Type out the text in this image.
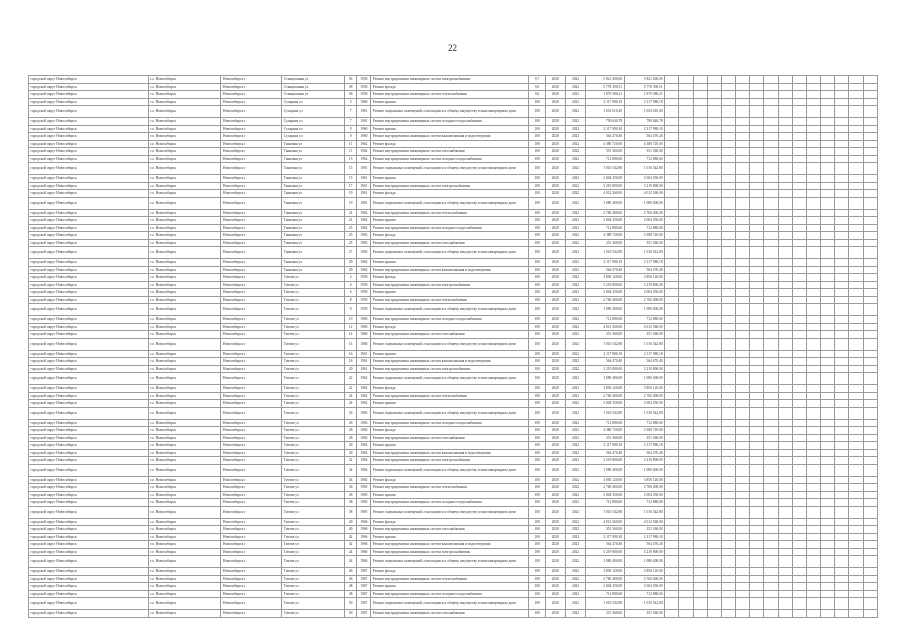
22
городской округ Новосибирск	г.о. Новосибирск	Новосибирск г	Станционная ул	56	1958	Ремонт внутридомовых инженерных систем электроснабжения	9,7	2020	2022	5 821 400,00	5 821 400,00															
городской округ Новосибирск	г.о. Новосибирск	Новосибирск г	Станционная ул	58	1958	Ремонт фасада	9,6	2020	2022	5 778 390,51	5 778 390,51															
городской округ Новосибирск	г.о. Новосибирск	Новосибирск г	Станционная ул	58	1958	Ремонт внутридомовых инженерных систем теплоснабжения	9,6	2020	2022	1 870 380,21	1 870 380,21															
городской округ Новосибирск	г.о. Новосибирск	Новосибирск г	Сухарная ул	5	1960	Ремонт крыши	100	2020	2022	2 117 980,18	2 117 980,18															
городской округ Новосибирск	г.о. Новосибирск	Новосибирск г	Сухарная ул	7	1961	Ремонт подвальных помещений, относящихся к общему имуществу в многоквартирном доме	100	2020	2022	1 052 610,40	1 052 610,40															
городской округ Новосибирск	г.о. Новосибирск	Новосибирск г	Сухарная ул	7	1961	Ремонт внутридомовых инженерных систем холодного водоснабжения	100	2020	2022	790 640,78	790 640,78															
городской округ Новосибирск	г.о. Новосибирск	Новосибирск г	Сухарная ул	9	1960	Ремонт крыши	100	2020	2022	2 117 980,18	2 117 980,18															
городской округ Новосибирск	г.о. Новосибирск	Новосибирск г	Сухарная ул	9	1960	Ремонт внутридомовых инженерных систем канализования и водоотведения	100	2020	2022	564 470,40	564 470,40															
городской округ Новосибирск	г.о. Новосибирск	Новосибирск г	Танковая ул	11	1962	Ремонт фасада	100	2020	2022	4 380 720,00	4 380 720,00															
городской округ Новосибирск	г.о. Новосибирск	Новосибирск г	Танковая ул	11	1962	Ремонт внутридомовых инженерных систем газоснабжения	100	2020	2022	351 360,00	351 360,00															
городской округ Новосибирск	г.о. Новосибирск	Новосибирск г	Танковая ул	13	1962	Ремонт внутридомовых инженерных систем холодного водоснабжения	100	2020	2022	712 880,60	712 880,60															
городской округ Новосибирск	г.о. Новосибирск	Новосибирск г	Танковая ул	15	1961	Ремонт подвальных помещений, относящихся к общему имуществу в многоквартирном доме	100	2020	2022	1 010 542,80	1 010 542,80															
городской округ Новосибирск	г.о. Новосибирск	Новосибирск г	Танковая ул	15	1961	Ремонт крыши	100	2020	2022	2 004 350,00	2 004 350,00															
городской округ Новосибирск	г.о. Новосибирск	Новосибирск г	Танковая ул	17	1961	Ремонт внутридомовых инженерных систем электроснабжения	100	2020	2022	3 219 800,00	3 219 800,00															
городской округ Новосибирск	г.о. Новосибирск	Новосибирск г	Танковая ул	19	1961	Ремонт фасада	100	2020	2022	4 012 360,00	4 012 360,00															
городской округ Новосибирск	г.о. Новосибирск	Новосибирск г	Танковая ул	19	1961	Ремонт подвальных помещений, относящихся к общему имуществу в многоквартирном доме	100	2020	2022	1 080 400,00	1 080 400,00															
городской округ Новосибирск	г.о. Новосибирск	Новосибирск г	Танковая ул	21	1962	Ремонт внутридомовых инженерных систем теплоснабжения	100	2020	2022	2 760 400,00	2 760 400,00															
городской округ Новосибирск	г.о. Новосибирск	Новосибирск г	Танковая ул	21	1962	Ремонт крыши	100	2020	2022	2 004 350,00	2 004 350,00															
городской округ Новосибирск	г.о. Новосибирск	Новосибирск г	Танковая ул	23	1962	Ремонт внутридомовых инженерных систем холодного водоснабжения	100	2020	2022	712 880,60	712 880,60															
городской округ Новосибирск	г.о. Новосибирск	Новосибирск г	Танковая ул	25	1963	Ремонт фасада	100	2020	2022	4 380 720,00	4 380 720,00															
городской округ Новосибирск	г.о. Новосибирск	Новосибирск г	Танковая ул	25	1963	Ремонт внутридомовых инженерных систем газоснабжения	100	2020	2022	351 360,00	351 360,00															
городской округ Новосибирск	г.о. Новосибирск	Новосибирск г	Танковая ул	27	1963	Ремонт подвальных помещений, относящихся к общему имуществу в многоквартирном доме	100	2020	2022	1 010 542,80	1 010 542,80															
городской округ Новосибирск	г.о. Новосибирск	Новосибирск г	Танковая ул	29	1962	Ремонт крыши	100	2020	2022	2 117 980,18	2 117 980,18															
городской округ Новосибирск	г.о. Новосибирск	Новосибирск г	Танковая ул	29	1962	Ремонт внутридомовых инженерных систем канализования и водоотведения	100	2020	2022	564 470,40	564 470,40															
городской округ Новосибирск	г.о. Новосибирск	Новосибирск г	Титова ул	2	1958	Ремонт фасада	100	2020	2022	3 856 120,00	3 856 120,00															
городской округ Новосибирск	г.о. Новосибирск	Новосибирск г	Титова ул	4	1958	Ремонт внутридомовых инженерных систем электроснабжения	100	2020	2022	3 219 800,00	3 219 800,00															
городской округ Новосибирск	г.о. Новосибирск	Новосибирск г	Титова ул	6	1959	Ремонт крыши	100	2020	2022	2 004 350,00	2 004 350,00															
городской округ Новосибирск	г.о. Новосибирск	Новосибирск г	Титова ул	8	1959	Ремонт внутридомовых инженерных систем теплоснабжения	100	2020	2022	2 760 400,00	2 760 400,00															
городской округ Новосибирск	г.о. Новосибирск	Новосибирск г	Титова ул	8	1959	Ремонт подвальных помещений, относящихся к общему имуществу в многоквартирном доме	100	2020	2022	1 080 400,00	1 080 400,00															
городской округ Новосибирск	г.о. Новосибирск	Новосибирск г	Титова ул	10	1960	Ремонт внутридомовых инженерных систем холодного водоснабжения	100	2020	2022	712 880,60	712 880,60															
городской округ Новосибирск	г.о. Новосибирск	Новосибирск г	Титова ул	12	1960	Ремонт фасада	100	2020	2022	4 012 360,00	4 012 360,00															
городской округ Новосибирск	г.о. Новосибирск	Новосибирск г	Титова ул	14	1960	Ремонт внутридомовых инженерных систем газоснабжения	100	2020	2022	351 360,00	351 360,00															
городской округ Новосибирск	г.о. Новосибирск	Новосибирск г	Титова ул	14	1960	Ремонт подвальных помещений, относящихся к общему имуществу в многоквартирном доме	100	2020	2022	1 010 542,80	1 010 542,80															
городской округ Новосибирск	г.о. Новосибирск	Новосибирск г	Титова ул	16	1961	Ремонт крыши	100	2020	2022	2 117 980,18	2 117 980,18															
городской округ Новосибирск	г.о. Новосибирск	Новосибирск г	Титова ул	18	1961	Ремонт внутридомовых инженерных систем канализования и водоотведения	100	2020	2022	564 470,40	564 470,40															
городской округ Новосибирск	г.о. Новосибирск	Новосибирск г	Титова ул	20	1961	Ремонт внутридомовых инженерных систем электроснабжения	100	2020	2022	3 219 800,00	3 219 800,00															
городской округ Новосибирск	г.о. Новосибирск	Новосибирск г	Титова ул	22	1962	Ремонт подвальных помещений, относящихся к общему имуществу в многоквартирном доме	100	2020	2022	1 080 400,00	1 080 400,00															
городской округ Новосибирск	г.о. Новосибирск	Новосибирск г	Титова ул	22	1962	Ремонт фасада	100	2020	2022	3 856 120,00	3 856 120,00															
городской округ Новосибирск	г.о. Новосибирск	Новосибирск г	Титова ул	24	1962	Ремонт внутридомовых инженерных систем теплоснабжения	100	2020	2022	2 760 400,00	2 760 400,00															
городской округ Новосибирск	г.о. Новосибирск	Новосибирск г	Титова ул	24	1962	Ремонт крыши	100	2020	2022	2 004 350,00	2 004 350,00															
городской округ Новосибирск	г.о. Новосибирск	Новосибирск г	Титова ул	26	1963	Ремонт подвальных помещений, относящихся к общему имуществу в многоквартирном доме	100	2020	2022	1 010 542,80	1 010 542,80															
городской округ Новосибирск	г.о. Новосибирск	Новосибирск г	Титова ул	26	1963	Ремонт внутридомовых инженерных систем холодного водоснабжения	100	2020	2022	712 880,60	712 880,60															
городской округ Новосибирск	г.о. Новосибирск	Новосибирск г	Титова ул	28	1963	Ремонт фасада	100	2020	2022	4 380 720,00	4 380 720,00															
городской округ Новосибирск	г.о. Новосибирск	Новосибирск г	Титова ул	28	1963	Ремонт внутридомовых инженерных систем газоснабжения	100	2020	2022	351 360,00	351 360,00															
городской округ Новосибирск	г.о. Новосибирск	Новосибирск г	Титова ул	30	1964	Ремонт крыши	100	2020	2022	2 117 980,18	2 117 980,18															
городской округ Новосибирск	г.о. Новосибирск	Новосибирск г	Титова ул	30	1964	Ремонт внутридомовых инженерных систем канализования и водоотведения	100	2020	2022	564 470,40	564 470,40															
городской округ Новосибирск	г.о. Новосибирск	Новосибирск г	Титова ул	32	1964	Ремонт внутридомовых инженерных систем электроснабжения	100	2020	2022	3 219 800,00	3 219 800,00															
городской округ Новосибирск	г.о. Новосибирск	Новосибирск г	Титова ул	34	1964	Ремонт подвальных помещений, относящихся к общему имуществу в многоквартирном доме	100	2020	2022	1 080 400,00	1 080 400,00															
городской округ Новосибирск	г.о. Новосибирск	Новосибирск г	Титова ул	34	1964	Ремонт фасада	100	2020	2022	3 856 120,00	3 856 120,00															
городской округ Новосибирск	г.о. Новосибирск	Новосибирск г	Титова ул	36	1965	Ремонт внутридомовых инженерных систем теплоснабжения	100	2020	2022	2 760 400,00	2 760 400,00															
городской округ Новосибирск	г.о. Новосибирск	Новосибирск г	Титова ул	36	1965	Ремонт крыши	100	2020	2022	2 004 350,00	2 004 350,00															
городской округ Новосибирск	г.о. Новосибирск	Новосибирск г	Титова ул	38	1965	Ремонт внутридомовых инженерных систем холодного водоснабжения	100	2020	2022	712 880,60	712 880,60															
городской округ Новосибирск	г.о. Новосибирск	Новосибирск г	Титова ул	38	1965	Ремонт подвальных помещений, относящихся к общему имуществу в многоквартирном доме	100	2020	2022	1 010 542,80	1 010 542,80															
городской округ Новосибирск	г.о. Новосибирск	Новосибирск г	Титова ул	40	1966	Ремонт фасада	100	2020	2022	4 012 360,00	4 012 360,00															
городской округ Новосибирск	г.о. Новосибирск	Новосибирск г	Титова ул	40	1966	Ремонт внутридомовых инженерных систем газоснабжения	100	2020	2022	351 360,00	351 360,00															
городской округ Новосибирск	г.о. Новосибирск	Новосибирск г	Титова ул	42	1966	Ремонт крыши	100	2020	2022	2 117 980,18	2 117 980,18															
городской округ Новосибирск	г.о. Новосибирск	Новосибирск г	Титова ул	42	1966	Ремонт внутридомовых инженерных систем канализования и водоотведения	100	2020	2022	564 470,40	564 470,40															
городской округ Новосибирск	г.о. Новосибирск	Новосибирск г	Титова ул	44	1966	Ремонт внутридомовых инженерных систем электроснабжения	100	2020	2022	3 219 800,00	3 219 800,00															
городской округ Новосибирск	г.о. Новосибирск	Новосибирск г	Титова ул	44	1966	Ремонт подвальных помещений, относящихся к общему имуществу в многоквартирном доме	100	2020	2022	1 080 400,00	1 080 400,00															
городской округ Новосибирск	г.о. Новосибирск	Новосибирск г	Титова ул	46	1967	Ремонт фасада	100	2020	2022	3 856 120,00	3 856 120,00															
городской округ Новосибирск	г.о. Новосибирск	Новосибирск г	Титова ул	46	1967	Ремонт внутридомовых инженерных систем теплоснабжения	100	2020	2022	2 760 400,00	2 760 400,00															
городской округ Новосибирск	г.о. Новосибирск	Новосибирск г	Титова ул	48	1967	Ремонт крыши	100	2020	2022	2 004 350,00	2 004 350,00															
городской округ Новосибирск	г.о. Новосибирск	Новосибирск г	Титова ул	48	1967	Ремонт внутридомовых инженерных систем холодного водоснабжения	100	2020	2022	712 880,60	712 880,60															
городской округ Новосибирск	г.о. Новосибирск	Новосибирск г	Титова ул	50	1967	Ремонт подвальных помещений, относящихся к общему имуществу в многоквартирном доме	100	2020	2022	1 010 542,80	1 010 542,80															
городской округ Новосибирск	г.о. Новосибирск	Новосибирск г	Титова ул	50	1967	Ремонт внутридомовых инженерных систем газоснабжения	100	2020	2022	351 360,00	351 360,00															
